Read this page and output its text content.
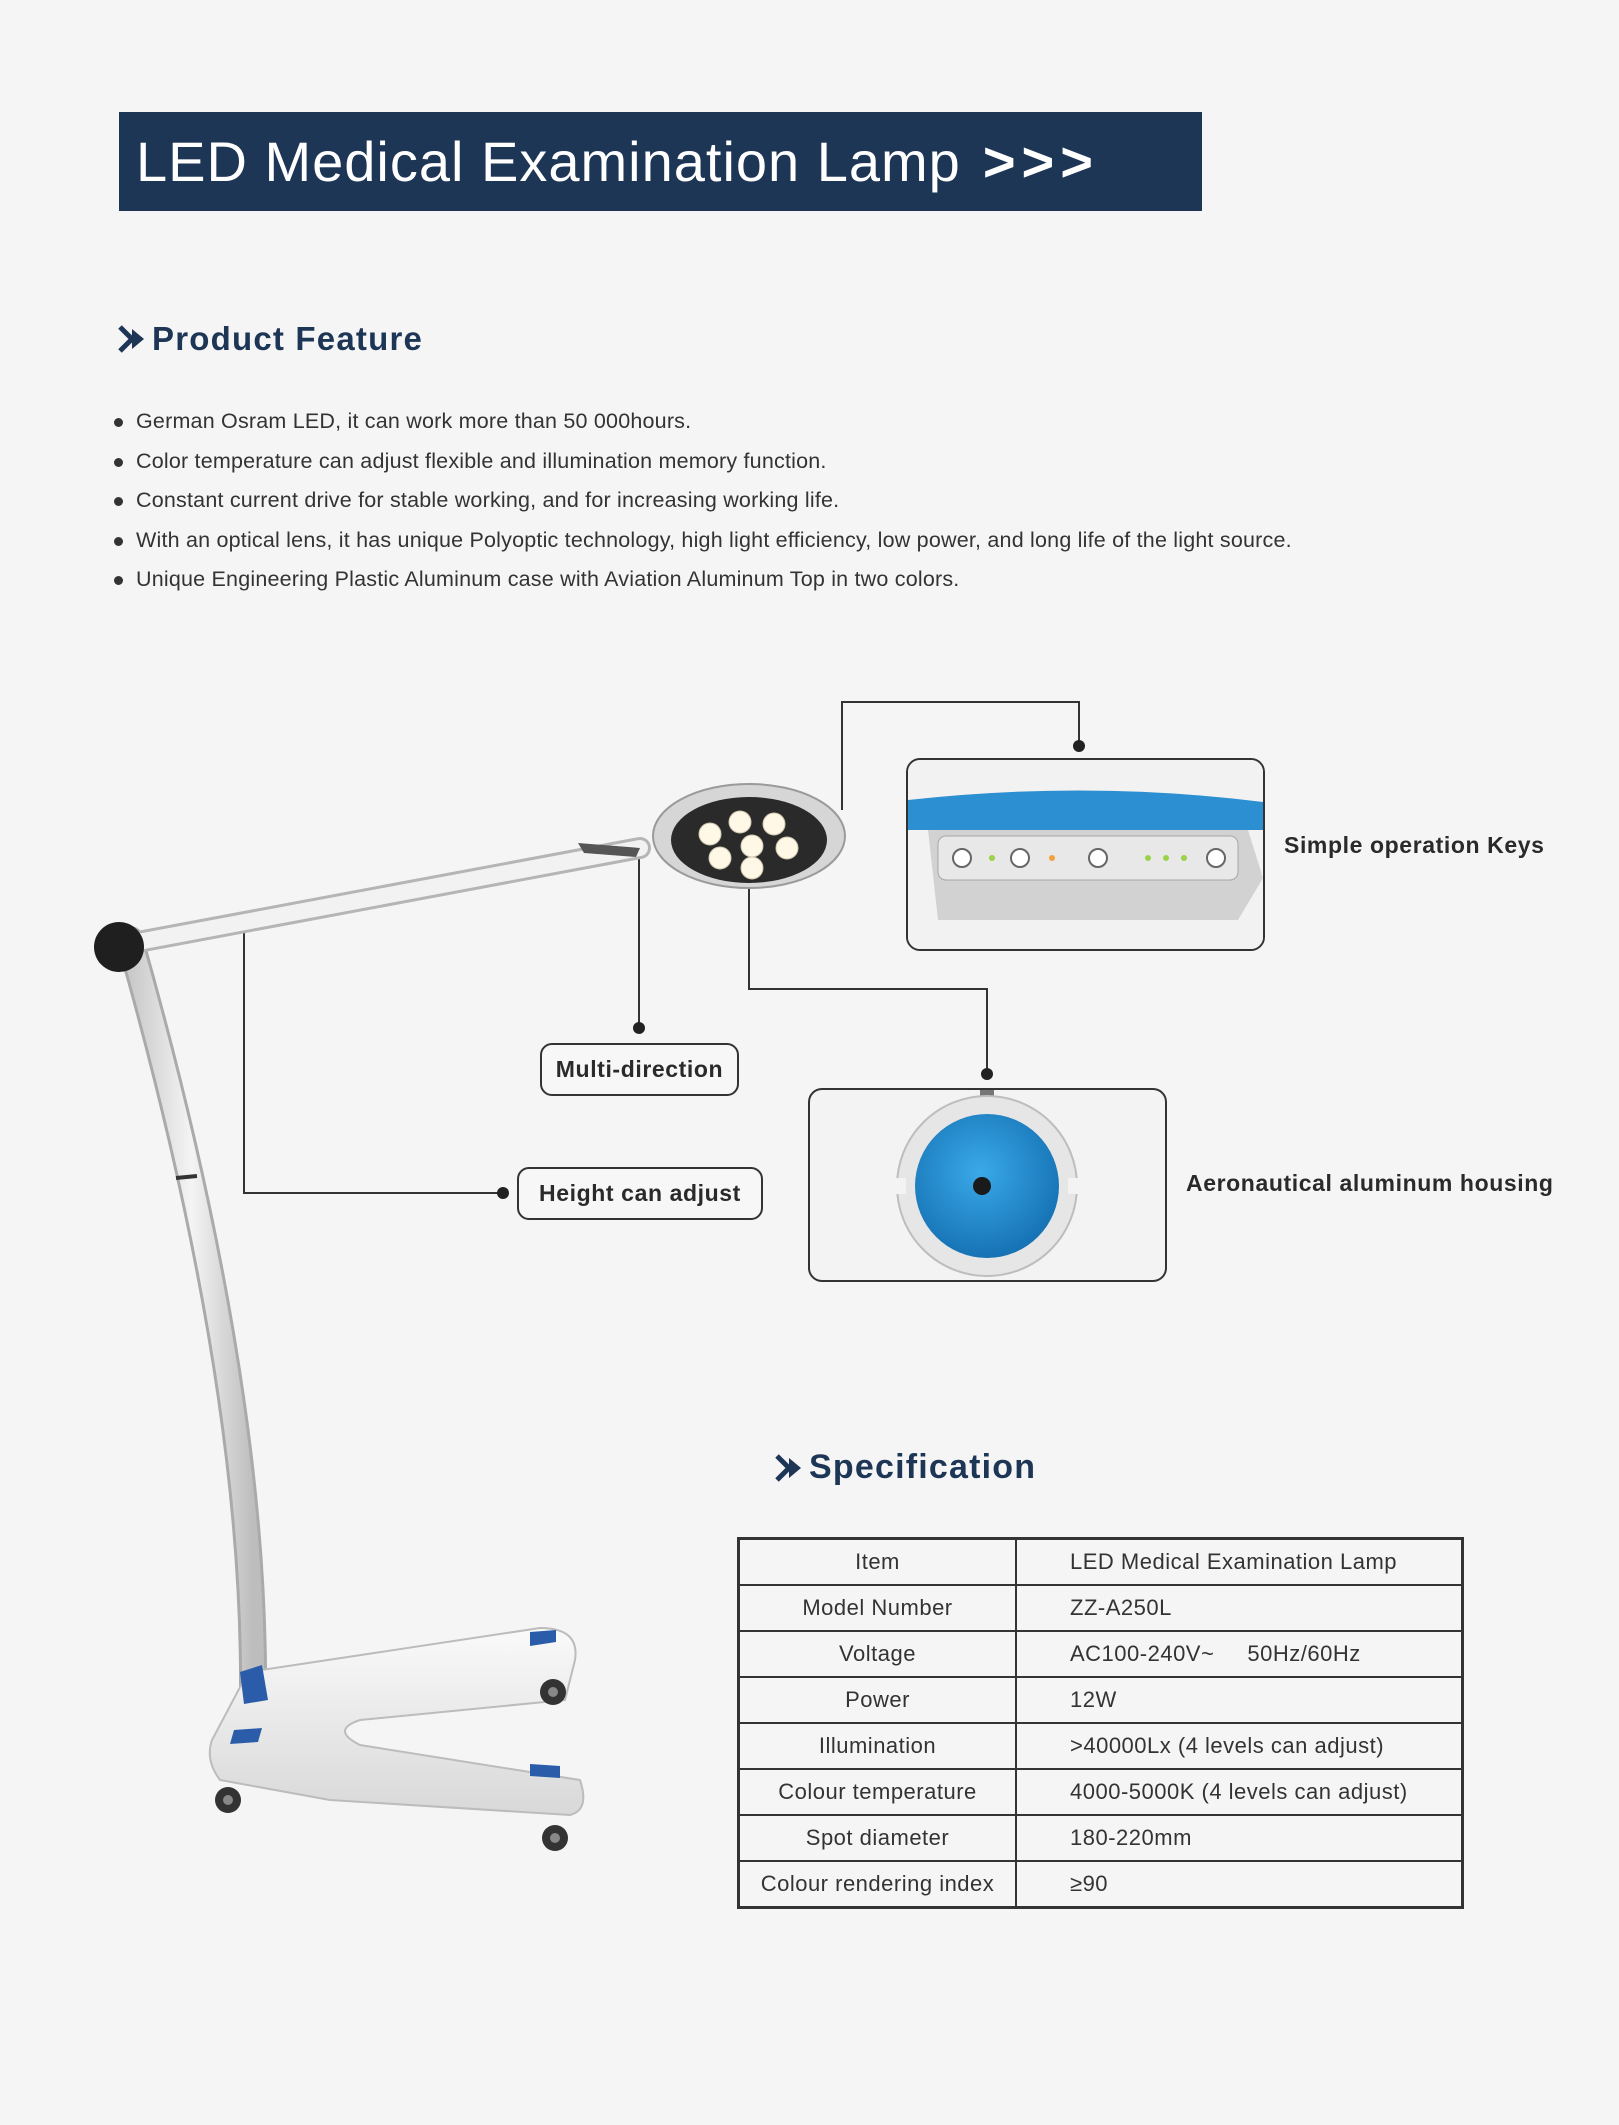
LED Medical Examination Lamp >>>
Product Feature
German Osram LED, it can work more than 50 000hours.
Color temperature can adjust flexible and illumination memory function.
Constant current drive for stable working, and for increasing working life.
With an optical lens, it has unique Polyoptic technology, high light efficiency, low power, and long life of the light source.
Unique Engineering Plastic Aluminum case with Aviation Aluminum Top in two colors.
Simple operation Keys
Multi-direction
Height can adjust	Aeronautical aluminum housing
Specification
Item	LED Medical Examination Lamp
Model Number	ZZ-A250L
Voltage	AC100-240V~     50Hz/60Hz
Power	12W
Illumination	>40000Lx (4 levels can adjust)
Colour temperature	4000-5000K (4 levels can adjust)
Spot diameter	180-220mm
Colour rendering index	≥90
